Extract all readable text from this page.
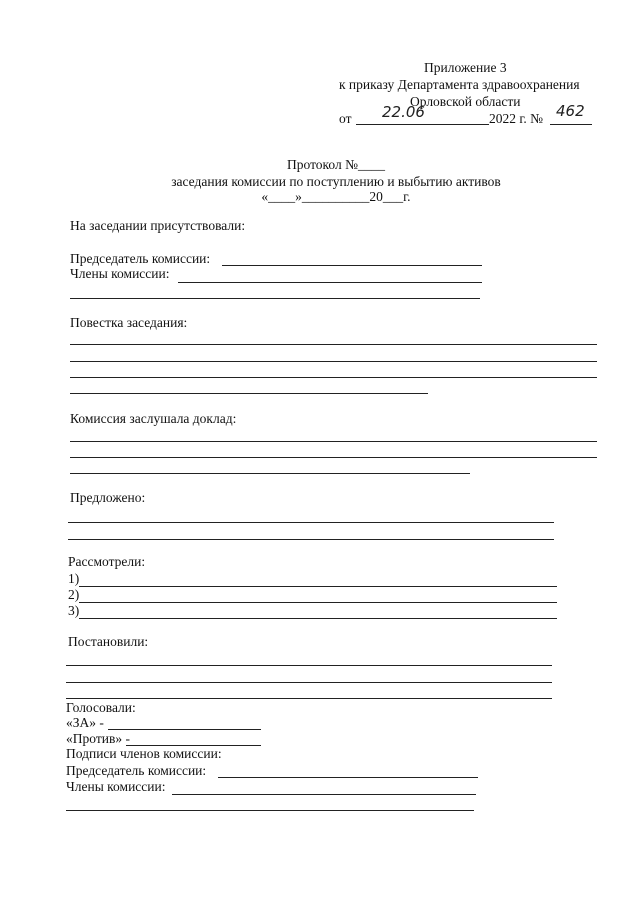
Приложение 3
к приказу Департамента здравоохранения
Орловской области
от 22.06	2022 г. № 462
Протокол №____
заседания комиссии по поступлению и выбытию активов
«____»__________20___г.
На заседании присутствовали:
Председатель комиссии:
Члены комиссии:
Повестка заседания:
Комиссия заслушала доклад:
Предложено:
Рассмотрели:
1)
2)
3)
Постановили:
Голосовали:
«ЗА» -
«Против» -
Подписи членов комиссии:
Председатель комиссии:
Члены комиссии:
